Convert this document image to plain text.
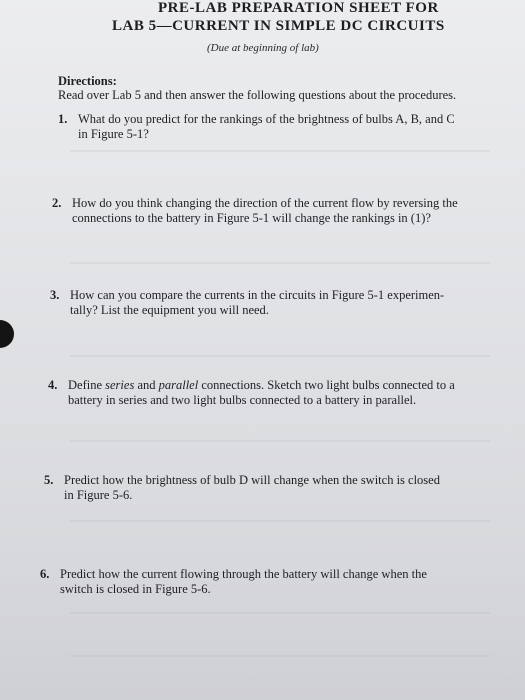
PRE-LAB PREPARATION SHEET FOR
LAB 5—CURRENT IN SIMPLE DC CIRCUITS
(Due at beginning of lab)
Directions:
Read over Lab 5 and then answer the following questions about the procedures.
1. What do you predict for the rankings of the brightness of bulbs A, B, and C
in Figure 5-1?
2. How do you think changing the direction of the current flow by reversing the
connections to the battery in Figure 5-1 will change the rankings in (1)?
3. How can you compare the currents in the circuits in Figure 5-1 experimen-
tally? List the equipment you will need.
4. Define series and parallel connections. Sketch two light bulbs connected to a
battery in series and two light bulbs connected to a battery in parallel.
5. Predict how the brightness of bulb D will change when the switch is closed
in Figure 5-6.
6. Predict how the current flowing through the battery will change when the
switch is closed in Figure 5-6.
